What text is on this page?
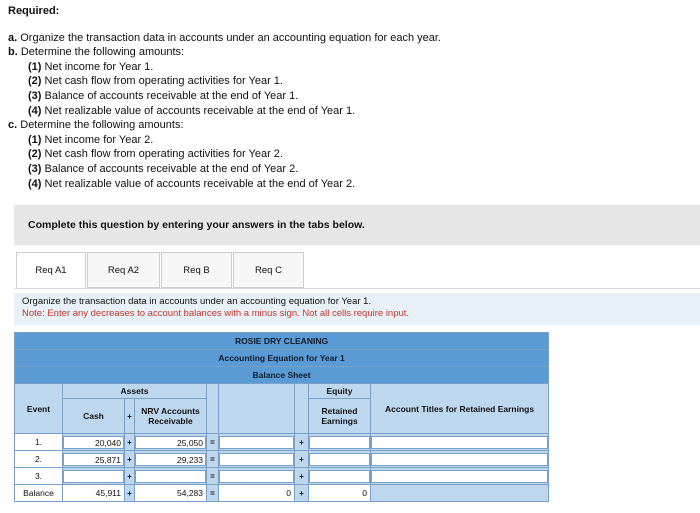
Required:
a. Organize the transaction data in accounts under an accounting equation for each year.
b. Determine the following amounts:
(1) Net income for Year 1.
(2) Net cash flow from operating activities for Year 1.
(3) Balance of accounts receivable at the end of Year 1.
(4) Net realizable value of accounts receivable at the end of Year 1.
c. Determine the following amounts:
(1) Net income for Year 2.
(2) Net cash flow from operating activities for Year 2.
(3) Balance of accounts receivable at the end of Year 2.
(4) Net realizable value of accounts receivable at the end of Year 2.
Complete this question by entering your answers in the tabs below.
Req A1	Req A2	Req B	Req C
Organize the transaction data in accounts under an accounting equation for Year 1.
Note: Enter any decreases to account balances with a minus sign. Not all cells require input.
ROSIE DRY CLEANING								
Accounting Equation for Year 1								
Balance Sheet								
Event	Assets						Equity	Account Titles for Retained Earnings
	Cash	+	NRV Accounts Receivable				Retained Earnings	
1.	20,040	+	25,050	=		+	

2.	25,871	+	29,233	=		+	

3.		+		=		+	

Balance	45,911	+	54,283	=	0	+	0	
